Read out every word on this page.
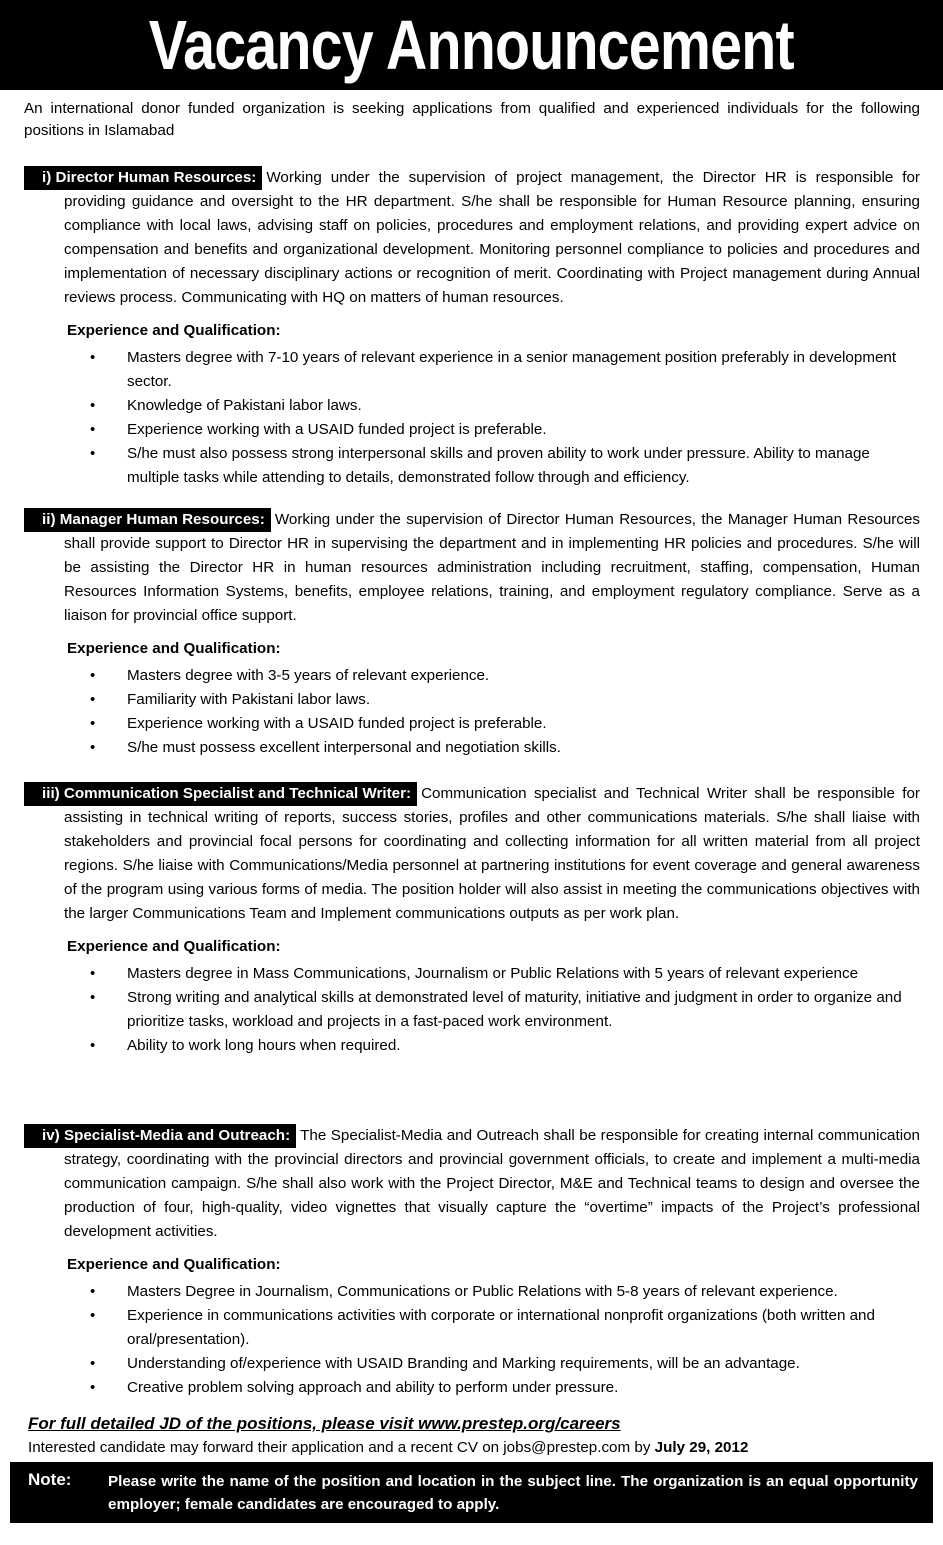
Vacancy Announcement
An international donor funded organization is seeking applications from qualified and experienced individuals for the following positions in Islamabad
i) Director Human Resources: Working under the supervision of project management, the Director HR is responsible for providing guidance and oversight to the HR department. S/he shall be responsible for Human Resource planning, ensuring compliance with local laws, advising staff on policies, procedures and employment relations, and providing expert advice on compensation and benefits and organizational development. Monitoring personnel compliance to policies and procedures and implementation of necessary disciplinary actions or recognition of merit. Coordinating with Project management during Annual reviews process. Communicating with HQ on matters of human resources.
Experience and Qualification:
• Masters degree with 7-10 years of relevant experience in a senior management position preferably in development sector.
• Knowledge of Pakistani labor laws.
• Experience working with a USAID funded project is preferable.
• S/he must also possess strong interpersonal skills and proven ability to work under pressure. Ability to manage multiple tasks while attending to details, demonstrated follow through and efficiency.
ii) Manager Human Resources: Working under the supervision of Director Human Resources, the Manager Human Resources shall provide support to Director HR in supervising the department and in implementing HR policies and procedures. S/he will be assisting the Director HR in human resources administration including recruitment, staffing, compensation, Human Resources Information Systems, benefits, employee relations, training, and employment regulatory compliance. Serve as a liaison for provincial office support.
Experience and Qualification:
• Masters degree with 3-5 years of relevant experience.
• Familiarity with Pakistani labor laws.
• Experience working with a USAID funded project is preferable.
• S/he must possess excellent interpersonal and negotiation skills.
iii) Communication Specialist and Technical Writer: Communication specialist and Technical Writer shall be responsible for assisting in technical writing of reports, success stories, profiles and other communications materials. S/he shall liaise with stakeholders and provincial focal persons for coordinating and collecting information for all written material from all project regions. S/he liaise with Communications/Media personnel at partnering institutions for event coverage and general awareness of the program using various forms of media. The position holder will also assist in meeting the communications objectives with the larger Communications Team and Implement communications outputs as per work plan.
Experience and Qualification:
• Masters degree in Mass Communications, Journalism or Public Relations with 5 years of relevant experience
• Strong writing and analytical skills at demonstrated level of maturity, initiative and judgment in order to organize and prioritize tasks, workload and projects in a fast-paced work environment.
• Ability to work long hours when required.
iv) Specialist-Media and Outreach: The Specialist-Media and Outreach shall be responsible for creating internal communication strategy, coordinating with the provincial directors and provincial government officials, to create and implement a multi-media communication campaign. S/he shall also work with the Project Director, M&E and Technical teams to design and oversee the production of four, high-quality, video vignettes that visually capture the “overtime” impacts of the Project’s professional development activities.
Experience and Qualification:
• Masters Degree in Journalism, Communications or Public Relations with 5-8 years of relevant experience.
• Experience in communications activities with corporate or international nonprofit organizations (both written and oral/presentation).
• Understanding of/experience with USAID Branding and Marking requirements, will be an advantage.
• Creative problem solving approach and ability to perform under pressure.
For full detailed JD of the positions, please visit www.prestep.org/careers
Interested candidate may forward their application and a recent CV on jobs@prestep.com by July 29, 2012
Note: Please write the name of the position and location in the subject line. The organization is an equal opportunity employer; female candidates are encouraged to apply.
